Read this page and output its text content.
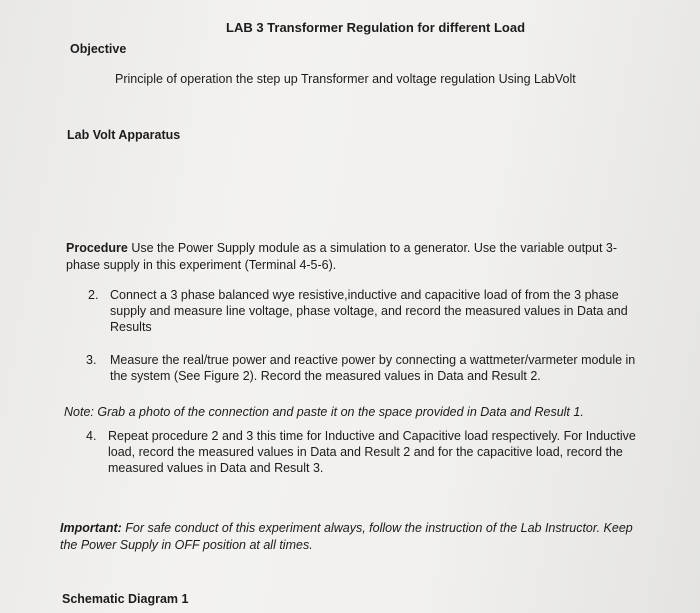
LAB 3 Transformer Regulation for different Load

Objective

Principle of operation the step up Transformer and voltage regulation Using LabVolt

Lab Volt Apparatus

Procedure Use the Power Supply module as a simulation to a generator. Use the variable output 3-phase supply in this experiment (Terminal 4-5-6).

2. Connect a 3 phase balanced wye resistive,inductive and capacitive load of from the 3 phase supply and measure line voltage, phase voltage, and record the measured values in Data and Results
3. Measure the real/true power and reactive power by connecting a wattmeter/varmeter module in the system (See Figure 2). Record the measured values in Data and Result 2.

Note: Grab a photo of the connection and paste it on the space provided in Data and Result 1.

4. Repeat procedure 2 and 3 this time for Inductive and Capacitive load respectively. For Inductive load, record the measured values in Data and Result 2 and for the capacitive load, record the measured values in Data and Result 3.

Important: For safe conduct of this experiment always, follow the instruction of the Lab Instructor. Keep the Power Supply in OFF position at all times.

Schematic Diagram 1
